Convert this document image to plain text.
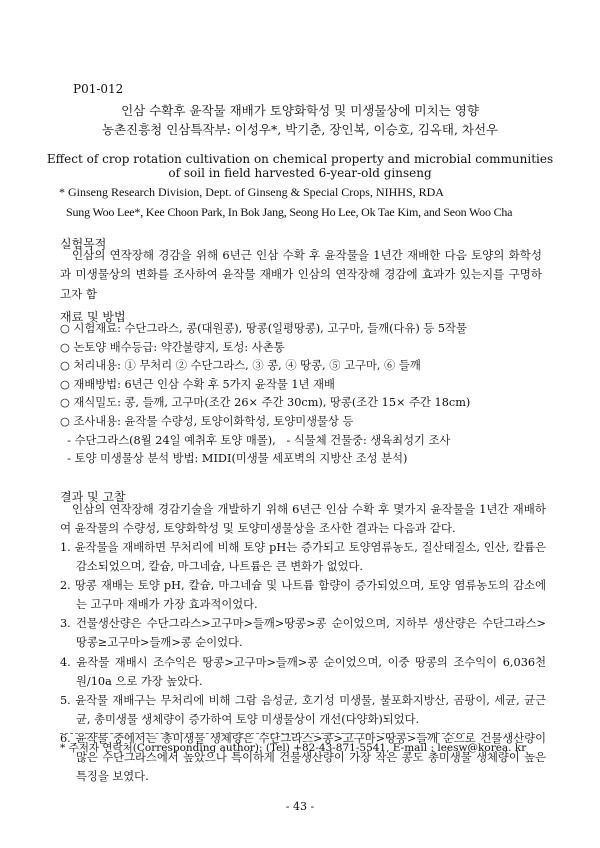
P01-012
인삼 수확후 윤작물 재배가 토양화학성 및 미생물상에 미치는 영향
농촌진흥청 인삼특작부: 이성우*, 박기춘, 장인복, 이승호, 김옥태, 차선우
Effect of crop rotation cultivation on chemical property and microbial communities of soil in field harvested 6-year-old ginseng
* Ginseng Research Division, Dept. of Ginseng & Special Crops, NIHHS, RDA
Sung Woo Lee*, Kee Choon Park, In Bok Jang, Seong Ho Lee, Ok Tae Kim, and Seon Woo Cha
실험목적
인삼의 연작장해 경감을 위해 6년근 인삼 수확 후 윤작물을 1년간 재배한 다음 토양의 화학성과 미생물상의 변화를 조사하여 윤작물 재배가 인삼의 연작장해 경감에 효과가 있는지를 구명하고자 함
재료 및 방법
○ 시험재료: 수단그라스, 콩(대원콩), 땅콩(일평땅콩), 고구마, 들깨(다유) 등 5작물
○ 논토양 배수등급: 약간불량지, 토성: 사촌통
○ 처리내용: ① 무처리 ② 수단그라스, ③ 콩, ④ 땅콩, ⑤ 고구마, ⑥ 들깨
○ 재배방법: 6년근 인삼 수확 후 5가지 윤작물 1년 재배
○ 재식밀도: 콩, 들깨, 고구마(조간 26× 주간 30cm), 땅콩(조간 15× 주간 18cm)
○ 조사내용: 윤작물 수량성, 토양이화학성, 토양미생물상 등
- 수단그라스(8월 24일 예취후 토양 매몰),   - 식물체 건물중: 생육최성기 조사
- 토양 미생물상 분석 방법: MIDI(미생물 세포벽의 지방산 조성 분석)
결과 및 고찰
인삼의 연작장해 경감기술을 개발하기 위해 6년근 인삼 수확 후 몇가지 윤작물을 1년간 재배하여 윤작물의 수량성, 토양화학성 및 토양미생물상을 조사한 결과는 다음과 같다.
1. 윤작물을 재배하면 무처리에 비해 토양 pH는 증가되고 토양염류농도, 질산태질소, 인산, 칼륨은 감소되었으며, 칼슘, 마그네슘, 나트륨은 큰 변화가 없었다.
2. 땅콩 재배는 토양 pH, 칼슘, 마그네슘 및 나트륨 함량이 증가되었으며, 토양 염류농도의 감소에는 고구마 재배가 가장 효과적이었다.
3. 건물생산량은 수단그라스>고구마>들깨>땅콩>콩 순이었으며, 지하부 생산량은 수단그라스>땅콩≥고구마>들깨>콩 순이었다.
4. 윤작물 재배시 조수익은 땅콩>고구마>들깨>콩 순이었으며, 이중 땅콩의 조수익이 6,036천원/10a 으로 가장 높았다.
5. 윤작물 재배구는 무처리에 비해 그람 음성균, 호기성 미생물, 불포화지방산, 곰팡이, 세균, 균근균, 총미생물 생체량이 증가하여 토양 미생물상이 개선(다양화)되었다.
6. 윤작물 중에서는 총미생물 생체량은 수단그라스>콩>고구마>땅콩>들깨 순으로 건물생산량이 많은 수단그라스에서 높았으나 특이하게 건물생산량이 가장 작은 콩도 총미생물 생체량이 높은 특징을 보였다.
* 주저자 연락처(Corresponding author): (Tel) +82-43-871-5541, E-mail : leesw@korea. kr
- 43 -
